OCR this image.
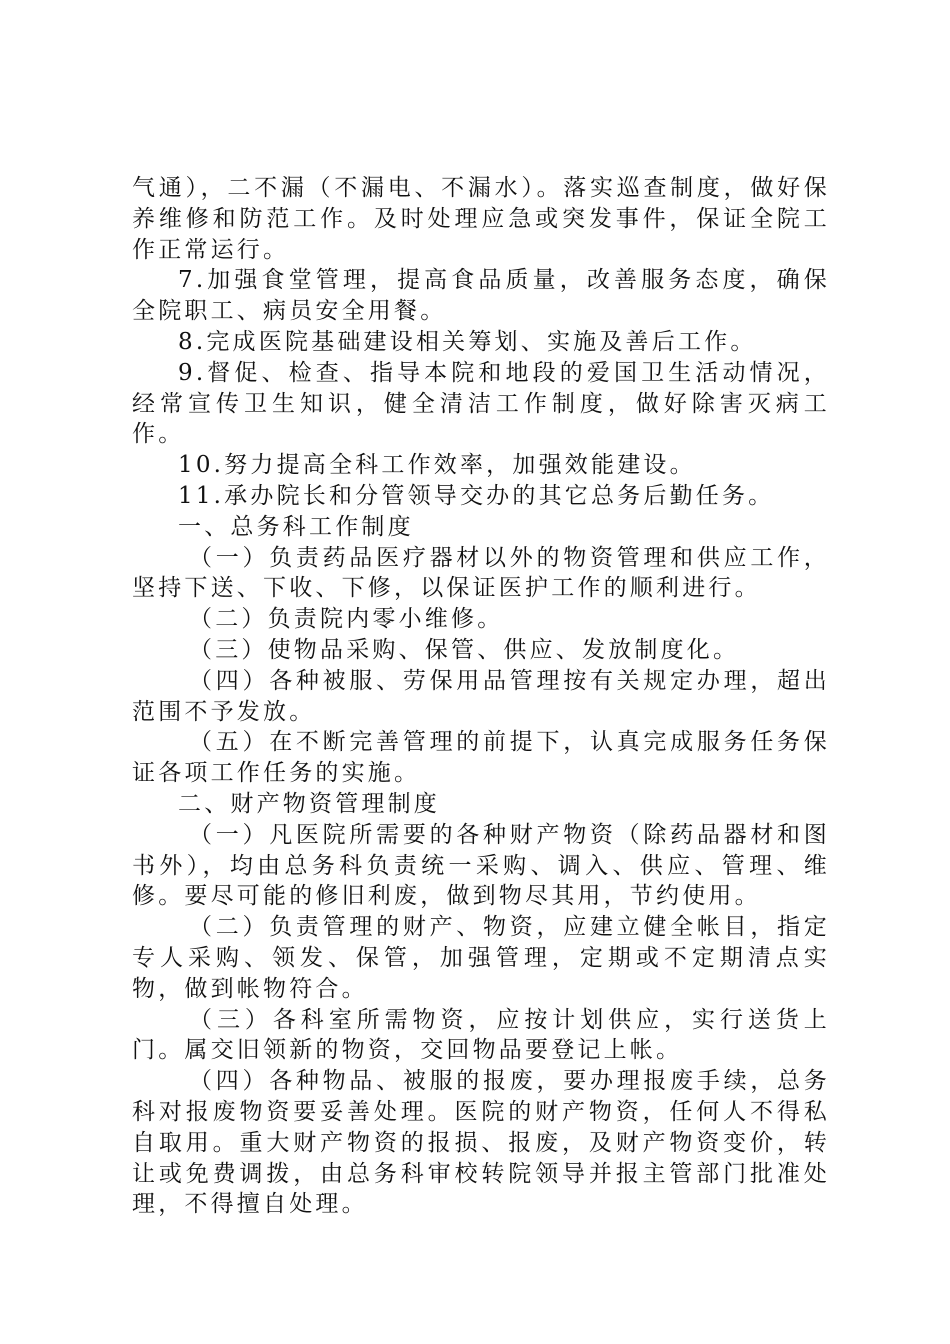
气通），二不漏（不漏电、不漏水）。落实巡查制度，做好保养维修和防范工作。及时处理应急或突发事件，保证全院工作正常运行。

7.加强食堂管理，提高食品质量，改善服务态度，确保全院职工、病员安全用餐。

8.完成医院基础建设相关筹划、实施及善后工作。

9.督促、检查、指导本院和地段的爱国卫生活动情况，经常宣传卫生知识，健全清洁工作制度，做好除害灭病工作。

10.努力提高全科工作效率，加强效能建设。

11.承办院长和分管领导交办的其它总务后勤任务。

一、总务科工作制度

（一）负责药品医疗器材以外的物资管理和供应工作，坚持下送、下收、下修，以保证医护工作的顺利进行。

（二）负责院内零小维修。

（三）使物品采购、保管、供应、发放制度化。

（四）各种被服、劳保用品管理按有关规定办理，超出范围不予发放。

（五）在不断完善管理的前提下，认真完成服务任务保证各项工作任务的实施。

二、财产物资管理制度

（一）凡医院所需要的各种财产物资（除药品器材和图书外），均由总务科负责统一采购、调入、供应、管理、维修。要尽可能的修旧利废，做到物尽其用，节约使用。

（二）负责管理的财产、物资，应建立健全帐目，指定专人采购、领发、保管，加强管理，定期或不定期清点实物，做到帐物符合。

（三）各科室所需物资，应按计划供应，实行送货上门。属交旧领新的物资，交回物品要登记上帐。

（四）各种物品、被服的报废，要办理报废手续，总务科对报废物资要妥善处理。医院的财产物资，任何人不得私自取用。重大财产物资的报损、报废，及财产物资变价，转让或免费调拨，由总务科审校转院领导并报主管部门批准处理，不得擅自处理。
